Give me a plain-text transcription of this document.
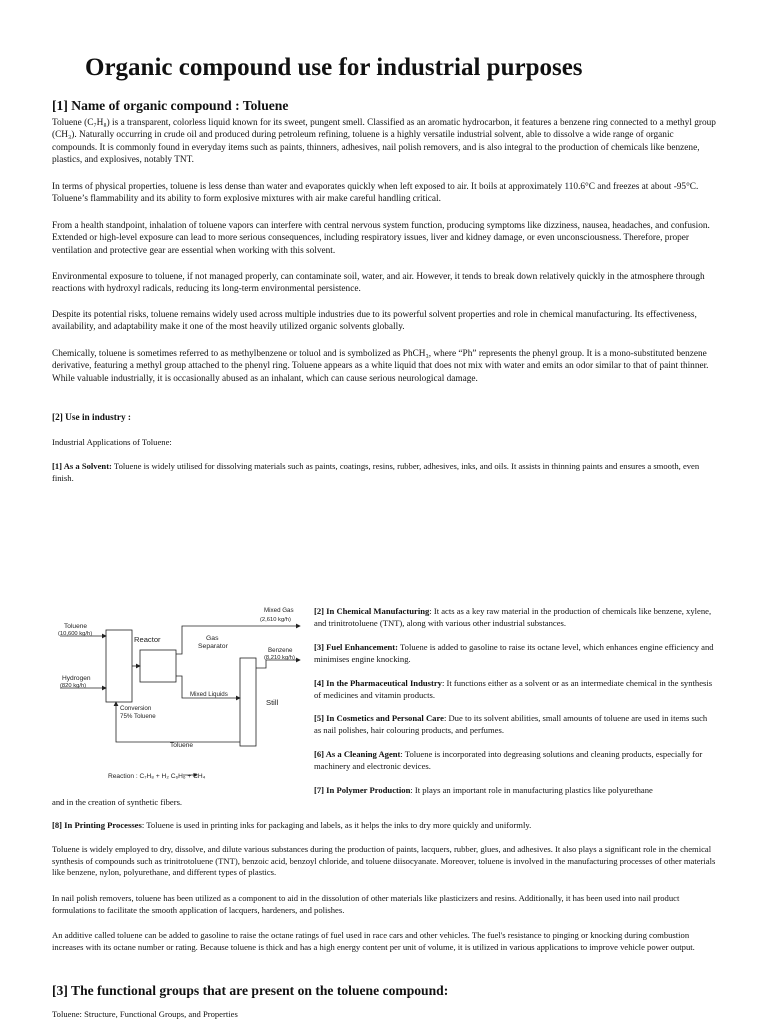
Organic compound use for industrial purposes
[1] Name of organic compound : Toluene

Toluene (C₇H₈) is a transparent, colorless liquid known for its sweet, pungent smell. Classified as an aromatic hydrocarbon, it features a benzene ring connected to a methyl group (CH₃). Naturally occurring in crude oil and produced during petroleum refining, toluene is a highly versatile industrial solvent, able to dissolve a wide range of organic compounds. It is commonly found in everyday items such as paints, thinners, adhesives, nail polish removers, and is also integral to the production of chemicals like benzene, plastics, and explosives, notably TNT.

In terms of physical properties, toluene is less dense than water and evaporates quickly when left exposed to air. It boils at approximately 110.6°C and freezes at about -95°C. Toluene’s flammability and its ability to form explosive mixtures with air make careful handling critical.

From a health standpoint, inhalation of toluene vapors can interfere with central nervous system function, producing symptoms like dizziness, nausea, headaches, and confusion. Extended or high-level exposure can lead to more serious consequences, including respiratory issues, liver and kidney damage, or even unconsciousness. Therefore, proper ventilation and protective gear are essential when working with this solvent.

Environmental exposure to toluene, if not managed properly, can contaminate soil, water, and air. However, it tends to break down relatively quickly in the atmosphere through reactions with hydroxyl radicals, reducing its long-term environmental persistence.

Despite its potential risks, toluene remains widely used across multiple industries due to its powerful solvent properties and role in chemical manufacturing. Its effectiveness, availability, and adaptability make it one of the most heavily utilized organic solvents globally.

Chemically, toluene is sometimes referred to as methylbenzene or toluol and is symbolized as PhCH₃, where “Ph” represents the phenyl group. It is a mono-substituted benzene derivative, featuring a methyl group attached to the phenyl ring. Toluene appears as a white liquid that does not mix with water and emits an odor similar to that of paint thinner. While valuable industrially, it is occasionally abused as an inhalant, which can cause serious neurological damage.

[2] Use in industry :

Industrial Applications of Toluene:

[1] As a Solvent: Toluene is widely utilised for dissolving materials such as paints, coatings, resins, rubber, adhesives, inks, and oils. It assists in thinning paints and ensures a smooth, even finish.

Toluene
(10,600 kg/h)
Hydrogen
(820 kg/h)
Reactor	Gas
Separator
Mixed Gas
(2,610 kg/h)
Benzene
(8,210 kg/h)
Mixed Liquids
Still
Conversion
75% Toluene
Toluene
Reaction : C₇H₈ + H₂ C₆H₆ + CH₄

[2] In Chemical Manufacturing: It acts as a key raw material in the production of chemicals like benzene, xylene, and trinitrotoluene (TNT), along with various other industrial substances.

[3] Fuel Enhancement: Toluene is added to gasoline to raise its octane level, which enhances engine efficiency and minimises engine knocking.

[4] In the Pharmaceutical Industry: It functions either as a solvent or as an intermediate chemical in the synthesis of medicines and vitamin products.

[5] In Cosmetics and Personal Care: Due to its solvent abilities, small amounts of toluene are used in items such as nail polishes, hair colouring products, and perfumes.

[6] As a Cleaning Agent: Toluene is incorporated into degreasing solutions and cleaning products, especially for machinery and electronic devices.

[7] In Polymer Production: It plays an important role in manufacturing plastics like polyurethane

and in the creation of synthetic fibers.

[8] In Printing Processes: Toluene is used in printing inks for packaging and labels, as it helps the inks to dry more quickly and uniformly.

Toluene is widely employed to dry, dissolve, and dilute various substances during the production of paints, lacquers, rubber, glues, and adhesives. It also plays a significant role in the chemical synthesis of compounds such as trinitrotoluene (TNT), benzoic acid, benzoyl chloride, and toluene diisocyanate. Moreover, toluene is involved in the manufacturing processes of other materials like benzene, nylon, polyurethane, and different types of plastics.

In nail polish removers, toluene has been utilized as a component to aid in the dissolution of other materials like plasticizers and resins. Additionally, it has been used into nail product formulations to facilitate the smooth application of lacquers, hardeners, and polishes.

An additive called toluene can be added to gasoline to raise the octane ratings of fuel used in race cars and other vehicles. The fuel's resistance to pinging or knocking during combustion increases with its octane number or rating. Because toluene is thick and has a high energy content per unit of volume, it is utilized in various applications to improve vehicle power output.

[3] The functional groups that are present on the toluene compound:

Toluene: Structure, Functional Groups, and Properties
